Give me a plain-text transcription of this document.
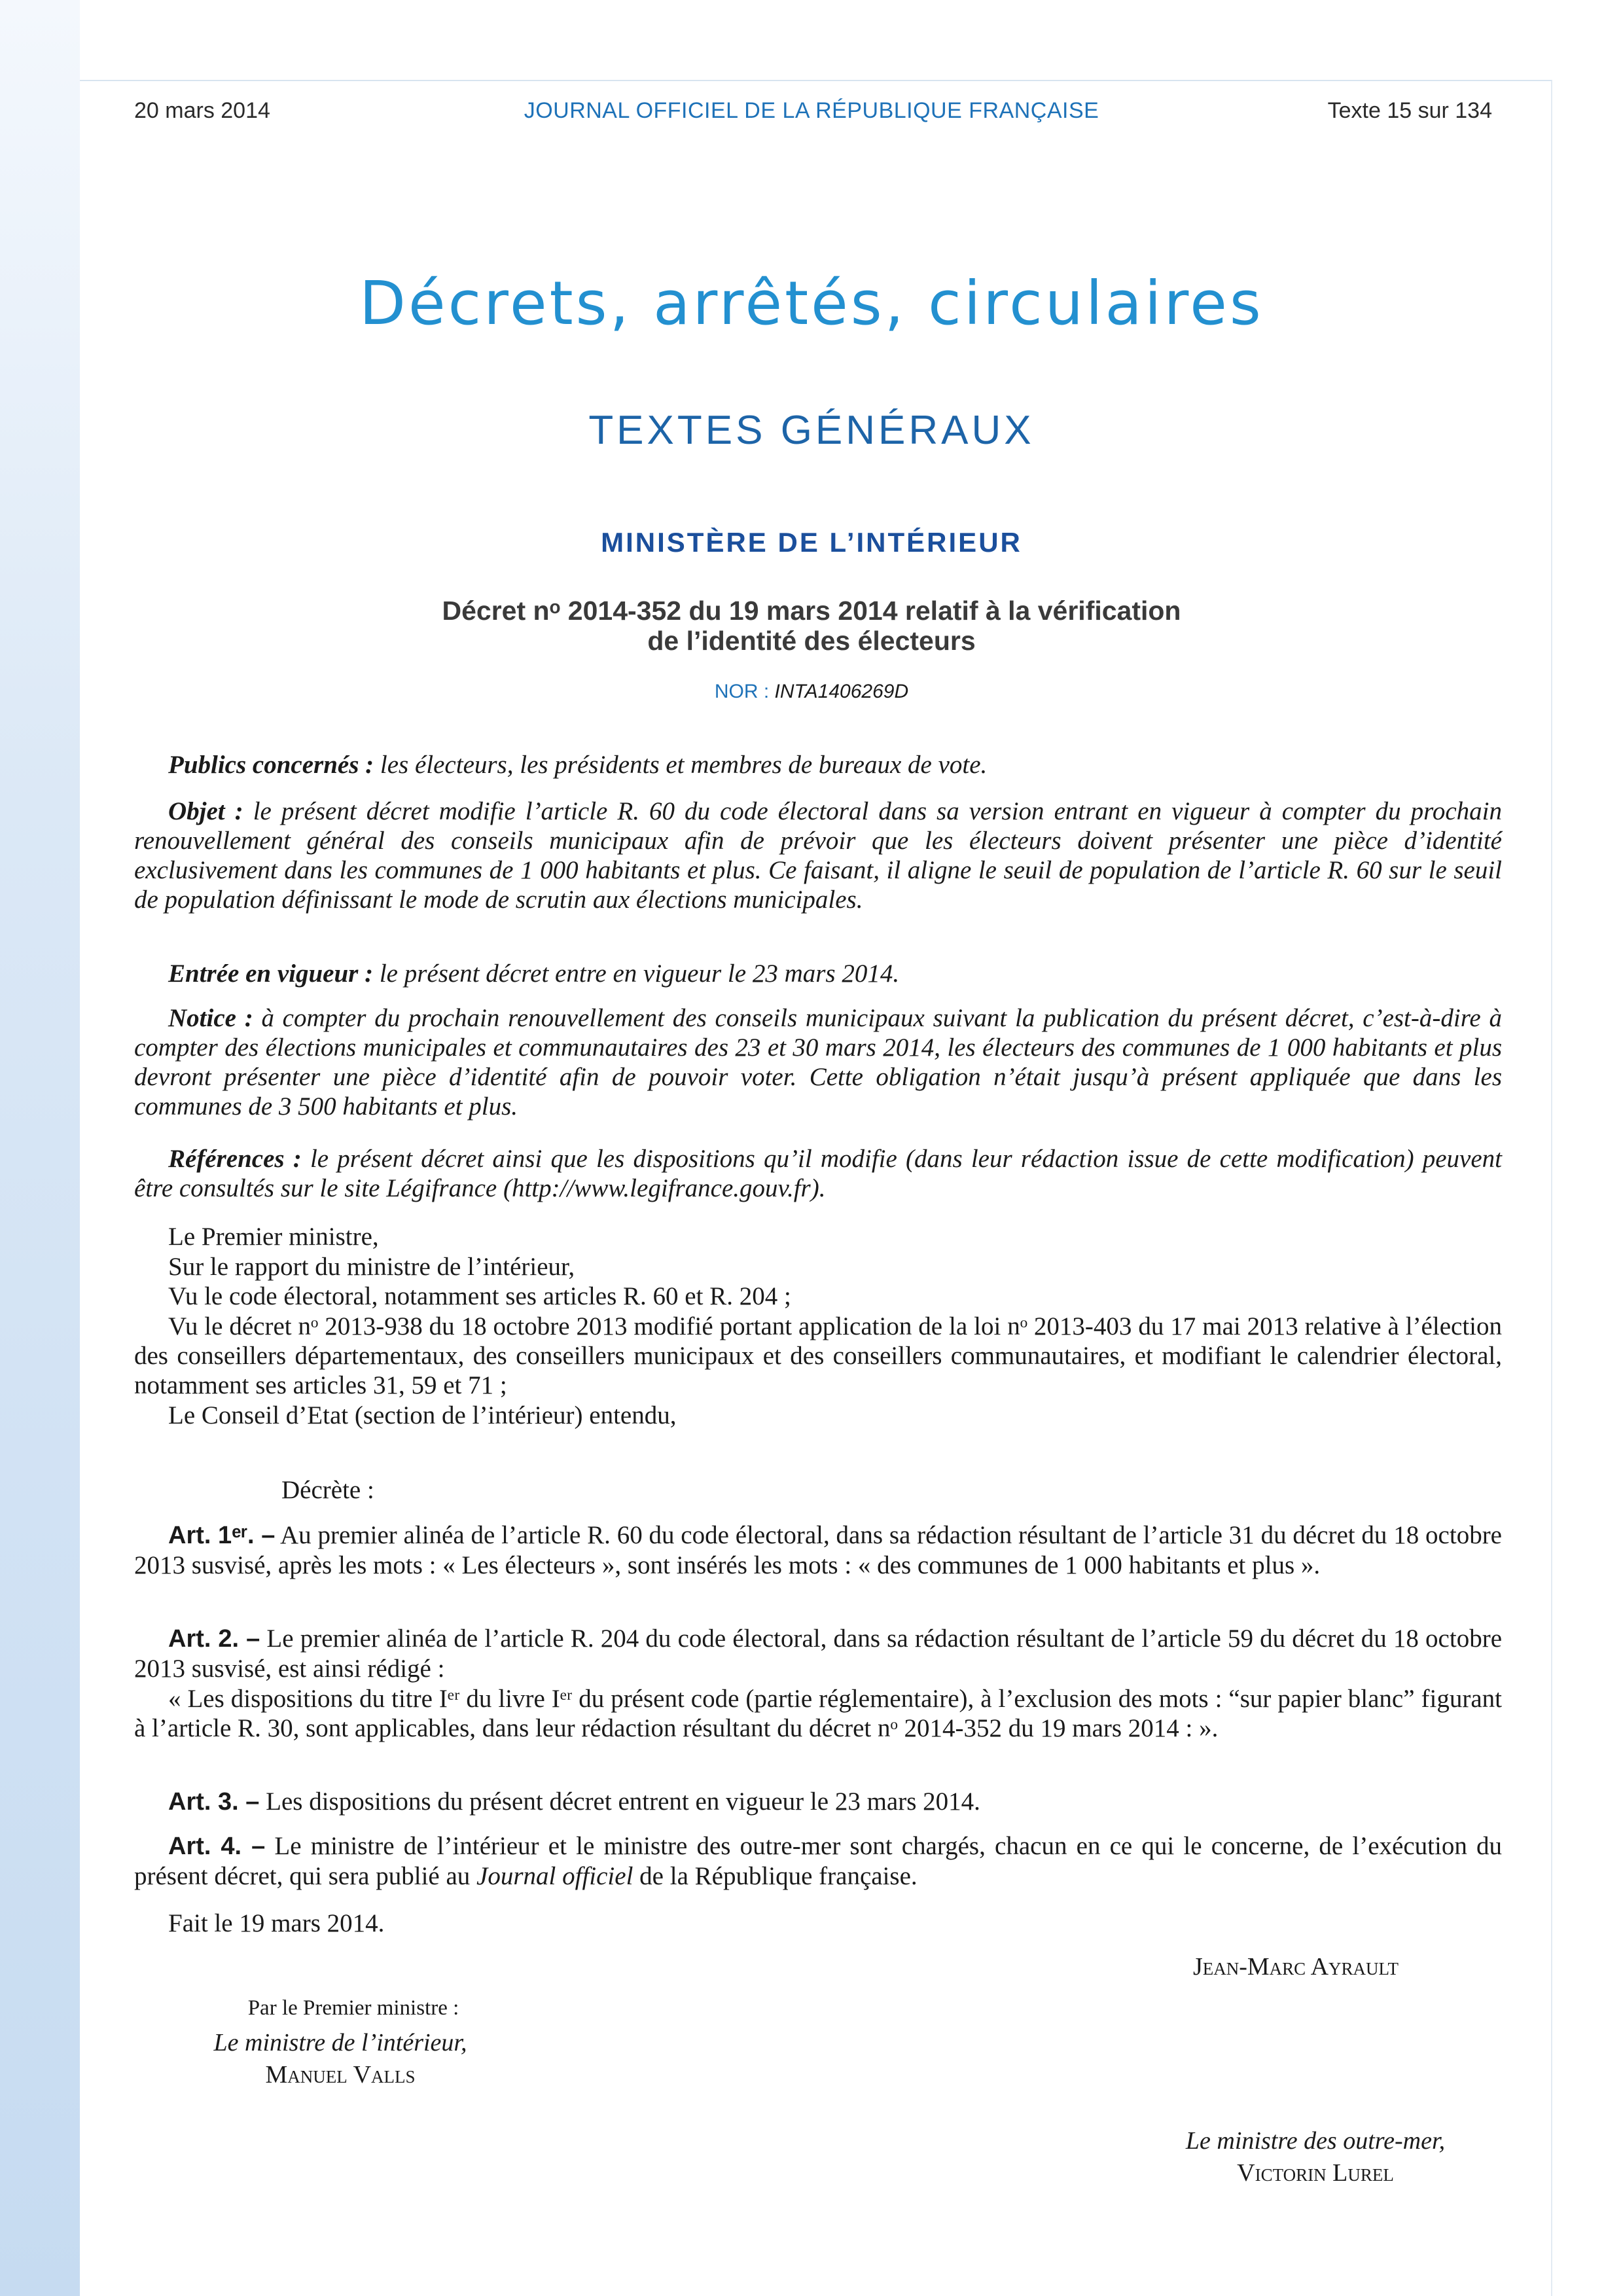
JOURNAL OFFICIEL DE LA RÉPUBLIQUE FRANÇAISE
20 mars 2014	Texte 15 sur 134
Décrets, arrêtés, circulaires
TEXTES GÉNÉRAUX
MINISTÈRE DE L’INTÉRIEUR
Décret nᵒ 2014-352 du 19 mars 2014 relatif à la vérification
de l’identité des électeurs
NOR : INTA1406269D

Publics concernés : les électeurs, les présidents et membres de bureaux de vote.

Objet : le présent décret modifie l’article R. 60 du code électoral dans sa version entrant en vigueur à compter du prochain renouvellement général des conseils municipaux afin de prévoir que les électeurs doivent présenter une pièce d’identité exclusivement dans les communes de 1 000 habitants et plus. Ce faisant, il aligne le seuil de population de l’article R. 60 sur le seuil de population définissant le mode de scrutin aux élections municipales.

Entrée en vigueur : le présent décret entre en vigueur le 23 mars 2014.

Notice : à compter du prochain renouvellement des conseils municipaux suivant la publication du présent décret, c’est-à-dire à compter des élections municipales et communautaires des 23 et 30 mars 2014, les électeurs des communes de 1 000 habitants et plus devront présenter une pièce d’identité afin de pouvoir voter. Cette obligation n’était jusqu’à présent appliquée que dans les communes de 3 500 habitants et plus.

Références : le présent décret ainsi que les dispositions qu’il modifie (dans leur rédaction issue de cette modification) peuvent être consultés sur le site Légifrance (http://www.legifrance.gouv.fr).

Le Premier ministre,

Sur le rapport du ministre de l’intérieur,

Vu le code électoral, notamment ses articles R. 60 et R. 204 ;

Vu le décret nᵒ 2013-938 du 18 octobre 2013 modifié portant application de la loi nᵒ 2013-403 du 17 mai 2013 relative à l’élection des conseillers départementaux, des conseillers municipaux et des conseillers communautaires, et modifiant le calendrier électoral, notamment ses articles 31, 59 et 71 ;

Le Conseil d’Etat (section de l’intérieur) entendu,

Décrète :

Art. 1ᵉʳ. – Au premier alinéa de l’article R. 60 du code électoral, dans sa rédaction résultant de l’article 31 du décret du 18 octobre 2013 susvisé, après les mots : « Les électeurs », sont insérés les mots : « des communes de 1 000 habitants et plus ».

Art. 2. – Le premier alinéa de l’article R. 204 du code électoral, dans sa rédaction résultant de l’article 59 du décret du 18 octobre 2013 susvisé, est ainsi rédigé :

« Les dispositions du titre Iᵉʳ du livre Iᵉʳ du présent code (partie réglementaire), à l’exclusion des mots : “sur papier blanc” figurant à l’article R. 30, sont applicables, dans leur rédaction résultant du décret nᵒ 2014-352 du 19 mars 2014 : ».

Art. 3. – Les dispositions du présent décret entrent en vigueur le 23 mars 2014.

Art. 4. – Le ministre de l’intérieur et le ministre des outre-mer sont chargés, chacun en ce qui le concerne, de l’exécution du présent décret, qui sera publié au Journal officiel de la République française.

Fait le 19 mars 2014.

Jean-Marc Ayrault
Par le Premier ministre :
Le ministre de l’intérieur,
Manuel Valls
Le ministre des outre-mer,
Victorin Lurel
